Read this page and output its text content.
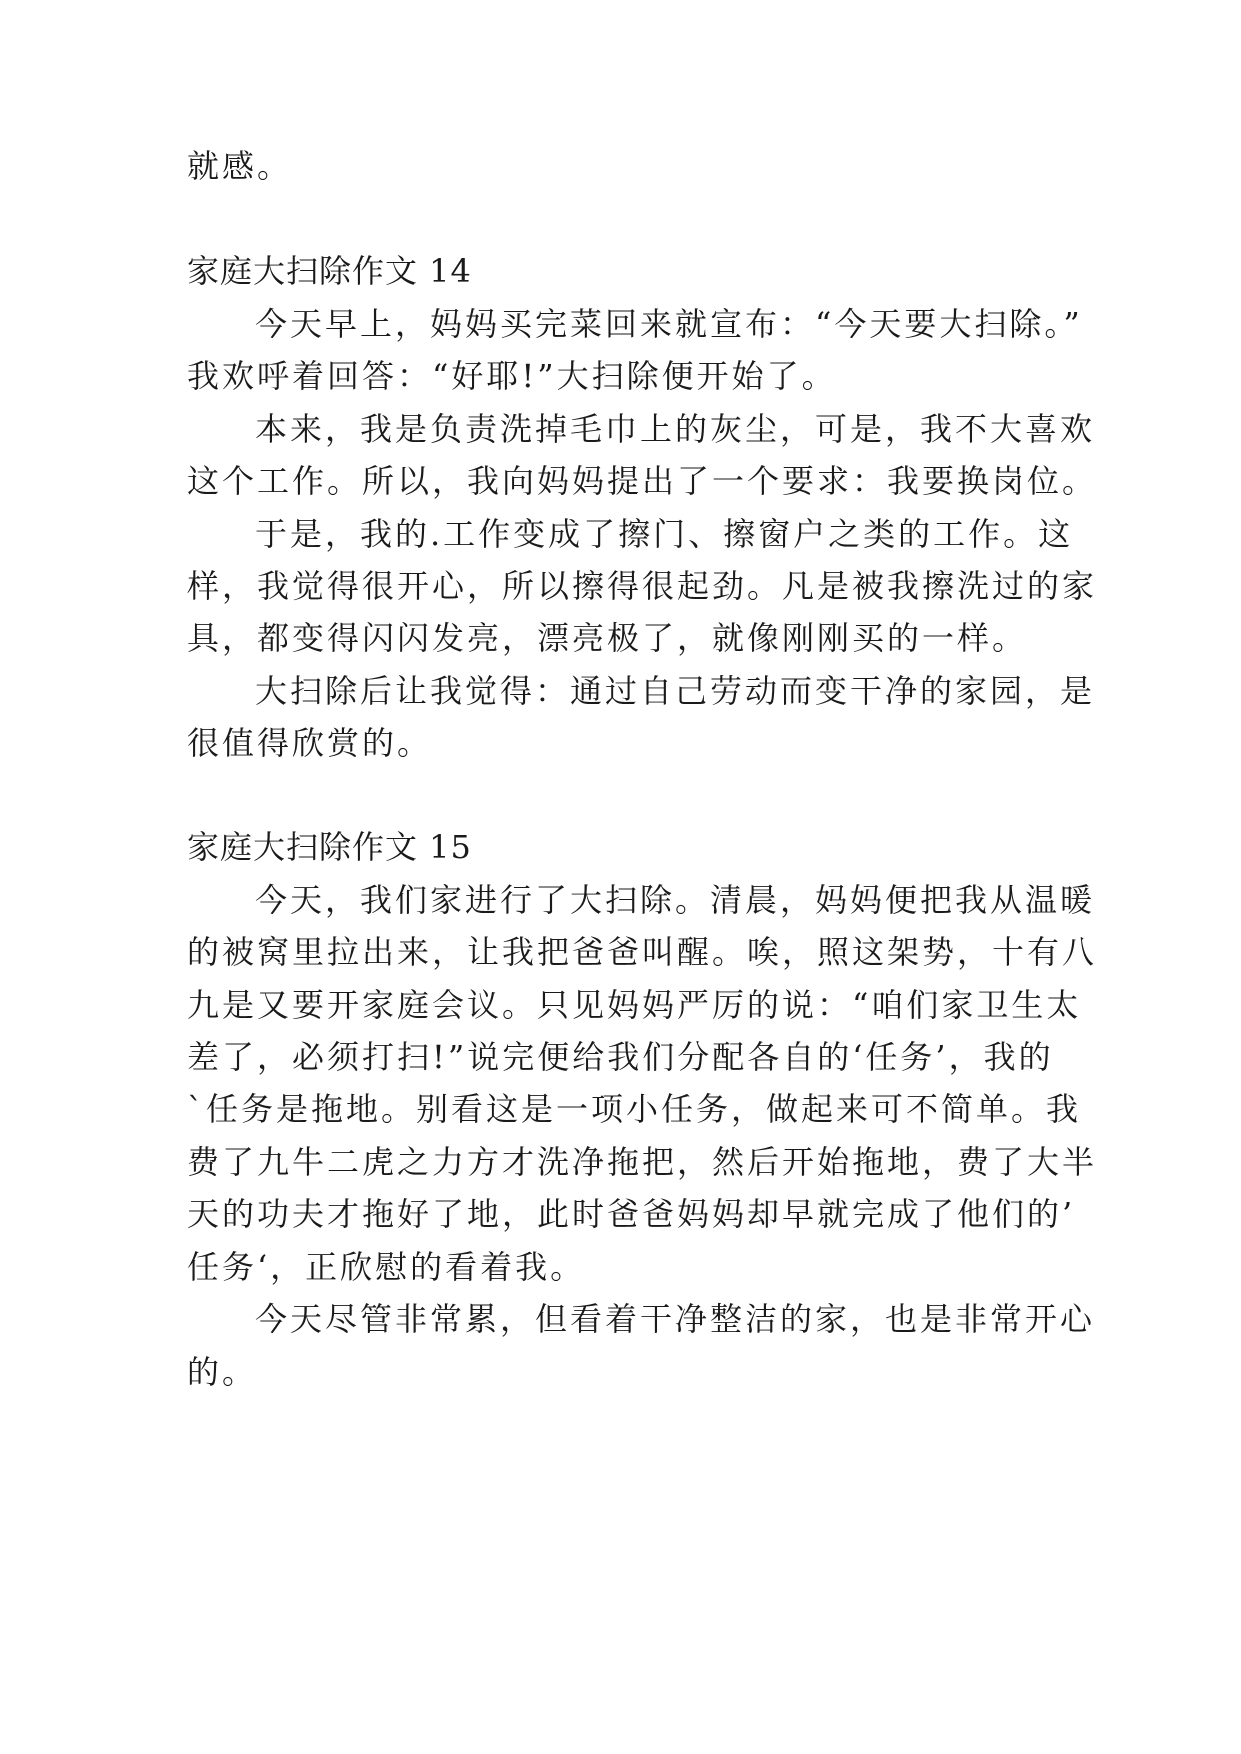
就感。
家庭大扫除作文 14
今天早上，妈妈买完菜回来就宣布：“今天要大扫除。”
我欢呼着回答：“好耶!”大扫除便开始了。
本来，我是负责洗掉毛巾上的灰尘，可是，我不大喜欢
这个工作。所以，我向妈妈提出了一个要求：我要换岗位。
于是，我的.工作变成了擦门、擦窗户之类的工作。这
样，我觉得很开心，所以擦得很起劲。凡是被我擦洗过的家
具，都变得闪闪发亮，漂亮极了，就像刚刚买的一样。
大扫除后让我觉得：通过自己劳动而变干净的家园，是
很值得欣赏的。
家庭大扫除作文 15
今天，我们家进行了大扫除。清晨，妈妈便把我从温暖
的被窝里拉出来，让我把爸爸叫醒。唉，照这架势，十有八
九是又要开家庭会议。只见妈妈严厉的说：“咱们家卫生太
差了，必须打扫!”说完便给我们分配各自的‘任务’，我的
`任务是拖地。别看这是一项小任务，做起来可不简单。我
费了九牛二虎之力方才洗净拖把，然后开始拖地，费了大半
天的功夫才拖好了地，此时爸爸妈妈却早就完成了他们的’
任务‘，正欣慰的看着我。
今天尽管非常累，但看着干净整洁的家，也是非常开心
的。
